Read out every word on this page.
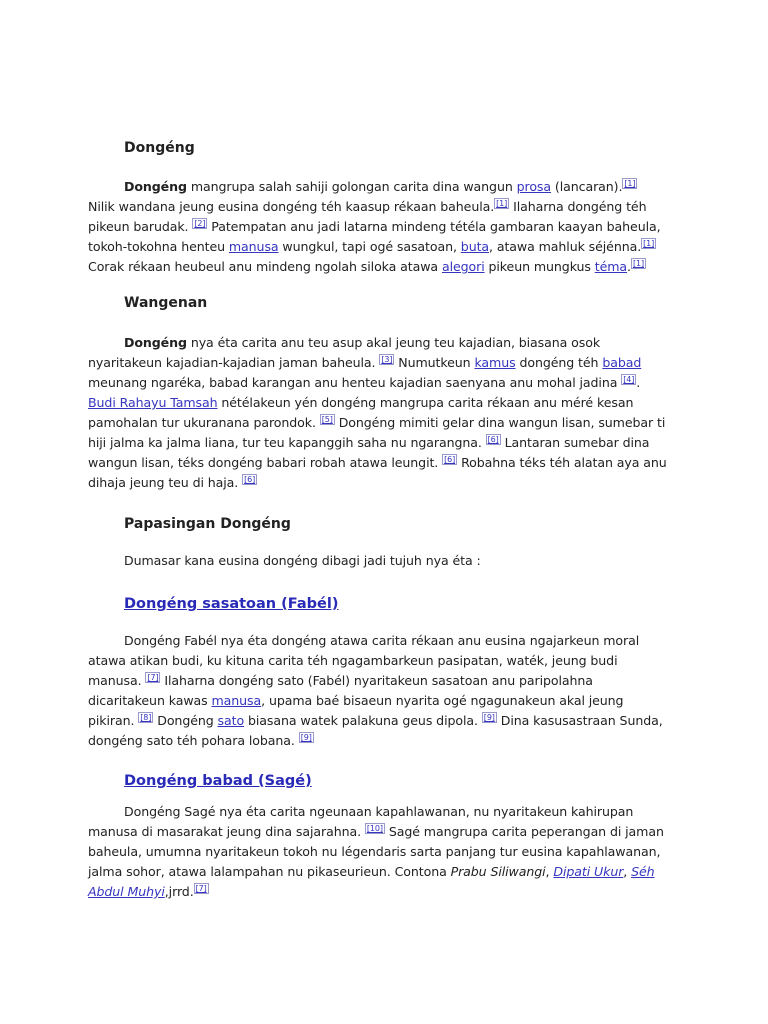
Dongéng
Dongéng mangrupa salah sahiji golongan carita dina wangun prosa (lancaran). [1] Nilik wandana jeung eusina dongéng téh kaasup rékaan baheula. [1] Ilaharna dongéng téh pikeun barudak. [2] Patempatan anu jadi latarna mindeng tétéla gambaran kaayan baheula, tokoh-tokohna henteu manusa wungkul, tapi ogé sasatoan, buta, atawa mahluk séjénna. [1] Corak rékaan heubeul anu mindeng ngolah siloka atawa alegori pikeun mungkus téma. [1]
Wangenan
Dongéng nya éta carita anu teu asup akal jeung teu kajadian, biasana osok nyaritakeun kajadian-kajadian jaman baheula. [3] Numutkeun kamus dongéng téh babad meunang ngaréka, babad karangan anu henteu kajadian saenyana anu mohal jadina [4] . Budi Rahayu Tamsah nétélakeun yén dongéng mangrupa carita rékaan anu méré kesan pamohalan tur ukuranana parondok. [5] Dongéng mimiti gelar dina wangun lisan, sumebar ti hiji jalma ka jalma liana, tur teu kapanggih saha nu ngarangna. [6] Lantaran sumebar dina wangun lisan, téks dongéng babari robah atawa leungit. [6] Robahna téks téh alatan aya anu dihaja jeung teu di haja. [6]
Papasingan Dongéng
Dumasar kana eusina dongéng dibagi jadi tujuh nya éta :
Dongéng sasatoan (Fabél)
Dongéng Fabél nya éta dongéng atawa carita rékaan anu eusina ngajarkeun moral atawa atikan budi, ku kituna carita téh ngagambarkeun pasipatan, waték, jeung budi manusa. [7] Ilaharna dongéng sato (Fabél) nyaritakeun sasatoan anu paripolahna dicaritakeun kawas manusa, upama baé bisaeun nyarita ogé ngagunakeun akal jeung pikiran. [8] Dongéng sato biasana watek palakuna geus dipola. [9] Dina kasusastraan Sunda, dongéng sato téh pohara lobana. [9]
Dongéng babad (Sagé)
Dongéng Sagé nya éta carita ngeunaan kapahlawanan, nu nyaritakeun kahirupan manusa di masarakat jeung dina sajarahna. [10] Sagé mangrupa carita peperangan di jaman baheula, umumna nyaritakeun tokoh nu légendaris sarta panjang tur eusina kapahlawanan, jalma sohor, atawa lalampahan nu pikaseurieun. Contona Prabu Siliwangi, Dipati Ukur, Séh Abdul Muhyi,jrrd. [7]
